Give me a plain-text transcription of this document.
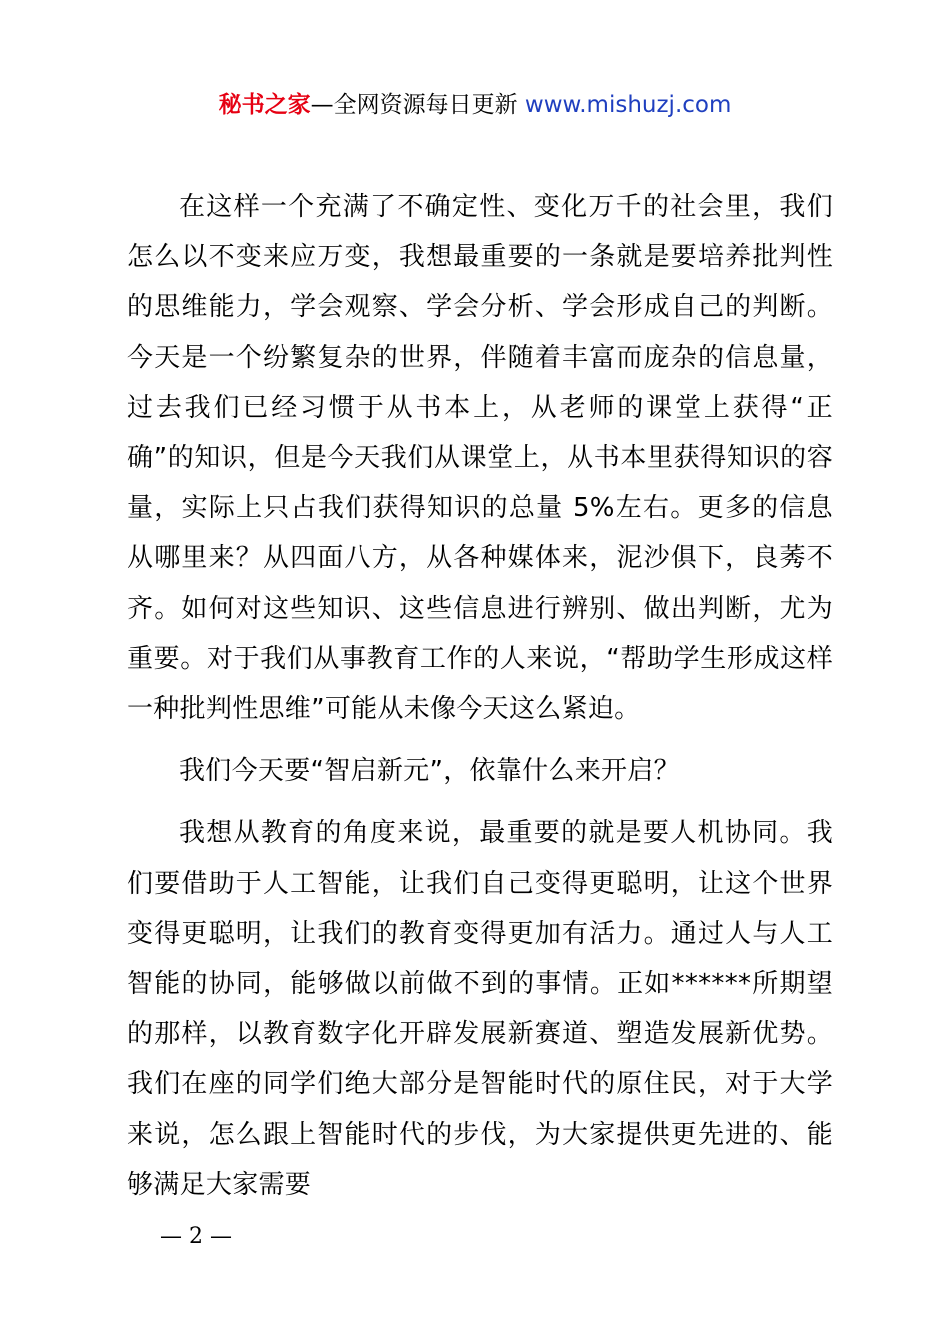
秘书之家—全网资源每日更新 www.mishuzj.com

在这样一个充满了不确定性、变化万千的社会里，我们怎么以不变来应万变，我想最重要的一条就是要培养批判性的思维能力，学会观察、学会分析、学会形成自己的判断。今天是一个纷繁复杂的世界，伴随着丰富而庞杂的信息量，过去我们已经习惯于从书本上，从老师的课堂上获得“正确”的知识，但是今天我们从课堂上，从书本里获得知识的容量，实际上只占我们获得知识的总量 5%左右。更多的信息从哪里来？从四面八方，从各种媒体来，泥沙俱下，良莠不齐。如何对这些知识、这些信息进行辨别、做出判断，尤为重要。对于我们从事教育工作的人来说，“帮助学生形成这样一种批判性思维”可能从未像今天这么紧迫。

我们今天要“智启新元”，依靠什么来开启？

我想从教育的角度来说，最重要的就是要人机协同。我们要借助于人工智能，让我们自己变得更聪明，让这个世界变得更聪明，让我们的教育变得更加有活力。通过人与人工智能的协同，能够做以前做不到的事情。正如******所期望的那样，以教育数字化开辟发展新赛道、塑造发展新优势。我们在座的同学们绝大部分是智能时代的原住民，对于大学来说，怎么跟上智能时代的步伐，为大家提供更先进的、能够满足大家需要

— 2 —
